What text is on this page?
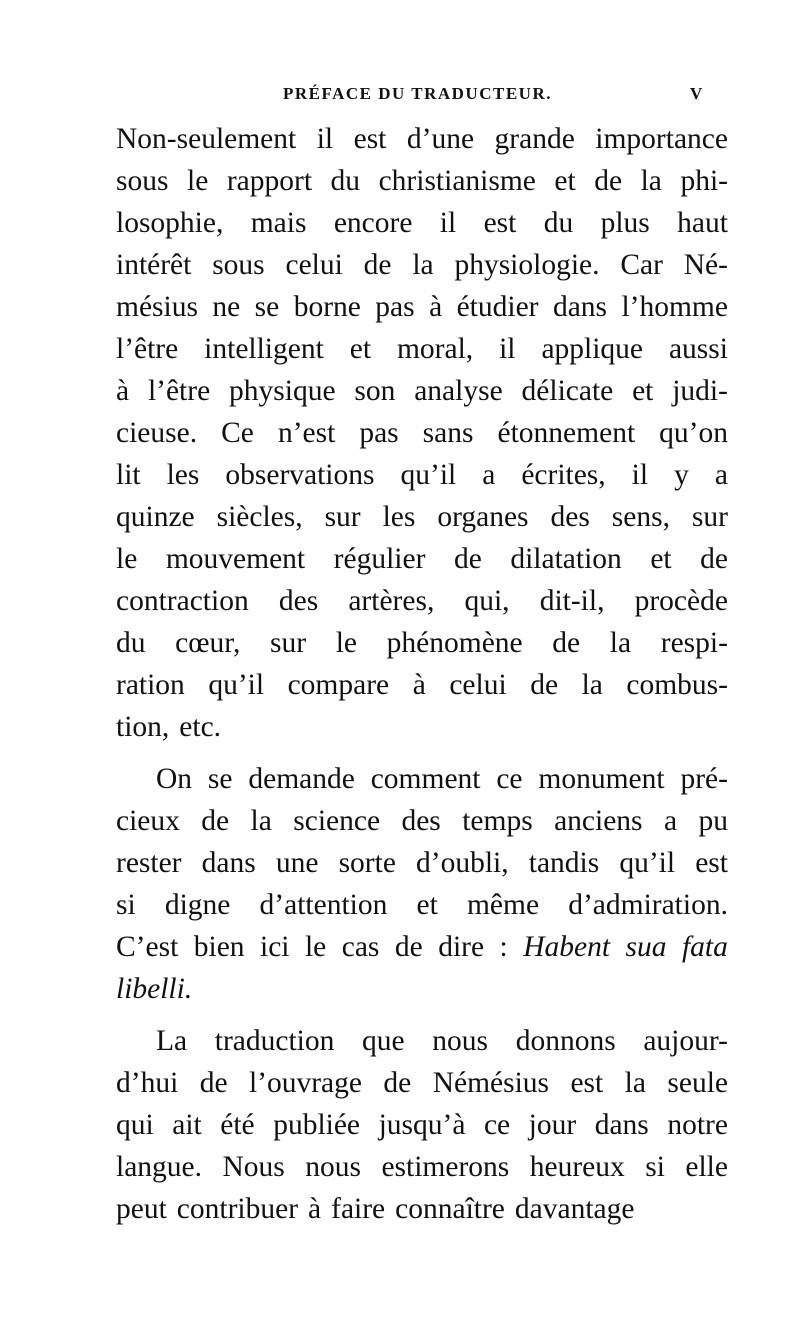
PRÉFACE DU TRADUCTEUR.	V
Non-seulement il est d’une grande importance
sous le rapport du christianisme et de la phi-
losophie, mais encore il est du plus haut
intérêt sous celui de la physiologie. Car Né-
mésius ne se borne pas à étudier dans l’homme
l’être intelligent et moral, il applique aussi
à l’être physique son analyse délicate et judi-
cieuse. Ce n’est pas sans étonnement qu’on
lit les observations qu’il a écrites, il y a
quinze siècles, sur les organes des sens, sur
le mouvement régulier de dilatation et de
contraction des artères, qui, dit-il, procède
du cœur, sur le phénomène de la respi-
ration qu’il compare à celui de la combus-
tion, etc.
On se demande comment ce monument pré-
cieux de la science des temps anciens a pu
rester dans une sorte d’oubli, tandis qu’il est
si digne d’attention et même d’admiration.
C’est bien ici le cas de dire : Habent sua fata
libelli.
La traduction que nous donnons aujour-
d’hui de l’ouvrage de Némésius est la seule
qui ait été publiée jusqu’à ce jour dans notre
langue. Nous nous estimerons heureux si elle
peut contribuer à faire connaître davantage
